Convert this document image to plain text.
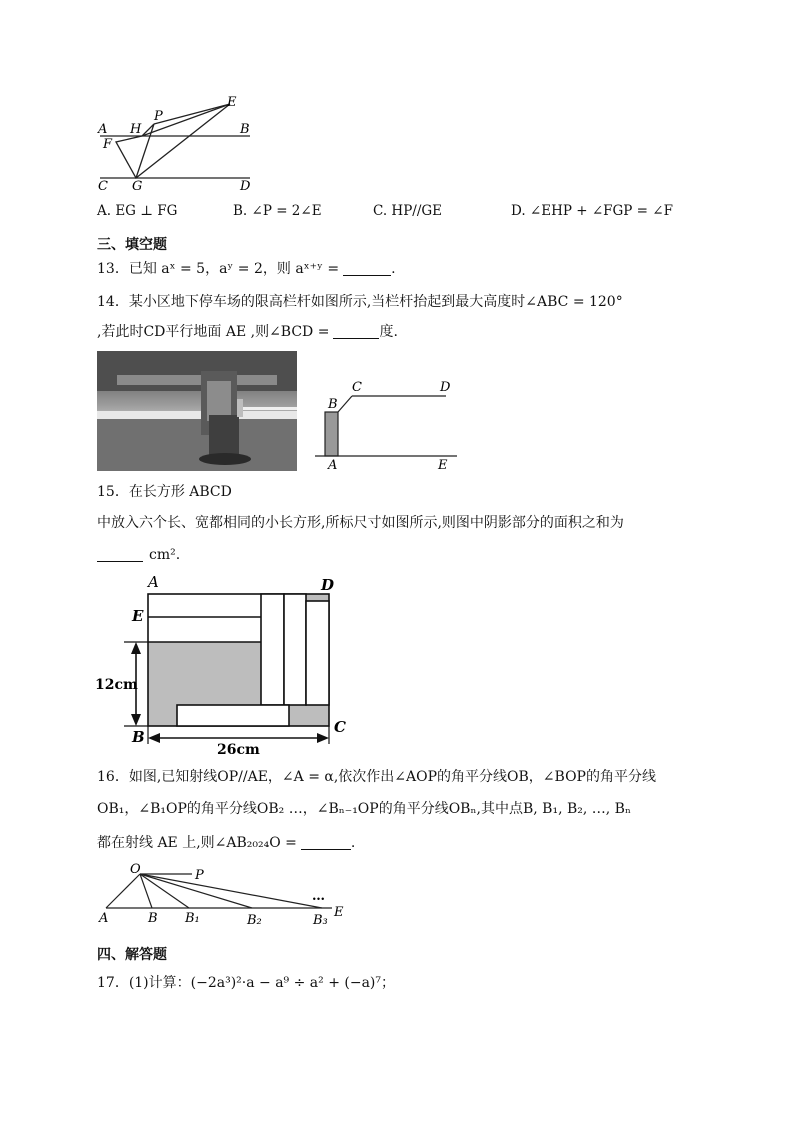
E
P
A H	B
F
C G	D
A. EG ⊥ FG	B. ∠P = 2∠E	C. HP//GE	D. ∠EHP + ∠FGP = ∠F
三、填空题
13．已知 aˣ = 5，aʸ = 2，则 aˣ⁺ʸ =	.
14．某小区地下停车场的限高栏杆如图所示,当栏杆抬起到最大高度时∠ABC = 120°
,若此时CD平行地面 AE ,则∠BCD =	度.
C	D
B
A	E
15．在长方形 ABCD
中放入六个长、宽都相同的小长方形,所标尺寸如图所示,则图中阴影部分的面积之和为
cm².
A	D
E
B
C
12cm
26cm
16．如图,已知射线OP//AE，∠A = α,依次作出∠AOP的角平分线OB，∠BOP的角平分线
OB₁，∠B₁OP的角平分线OB₂ …，∠Bₙ₋₁OP的角平分线OBₙ,其中点B, B₁, B₂, …, Bₙ
都在射线 AE 上,则∠AB₂₀₂₄O =	.
O	P
A	B B₁	B₂	B₃
E
…
四、解答题
17．(1)计算：(−2a³)²·a − a⁹ ÷ a² + (−a)⁷；
